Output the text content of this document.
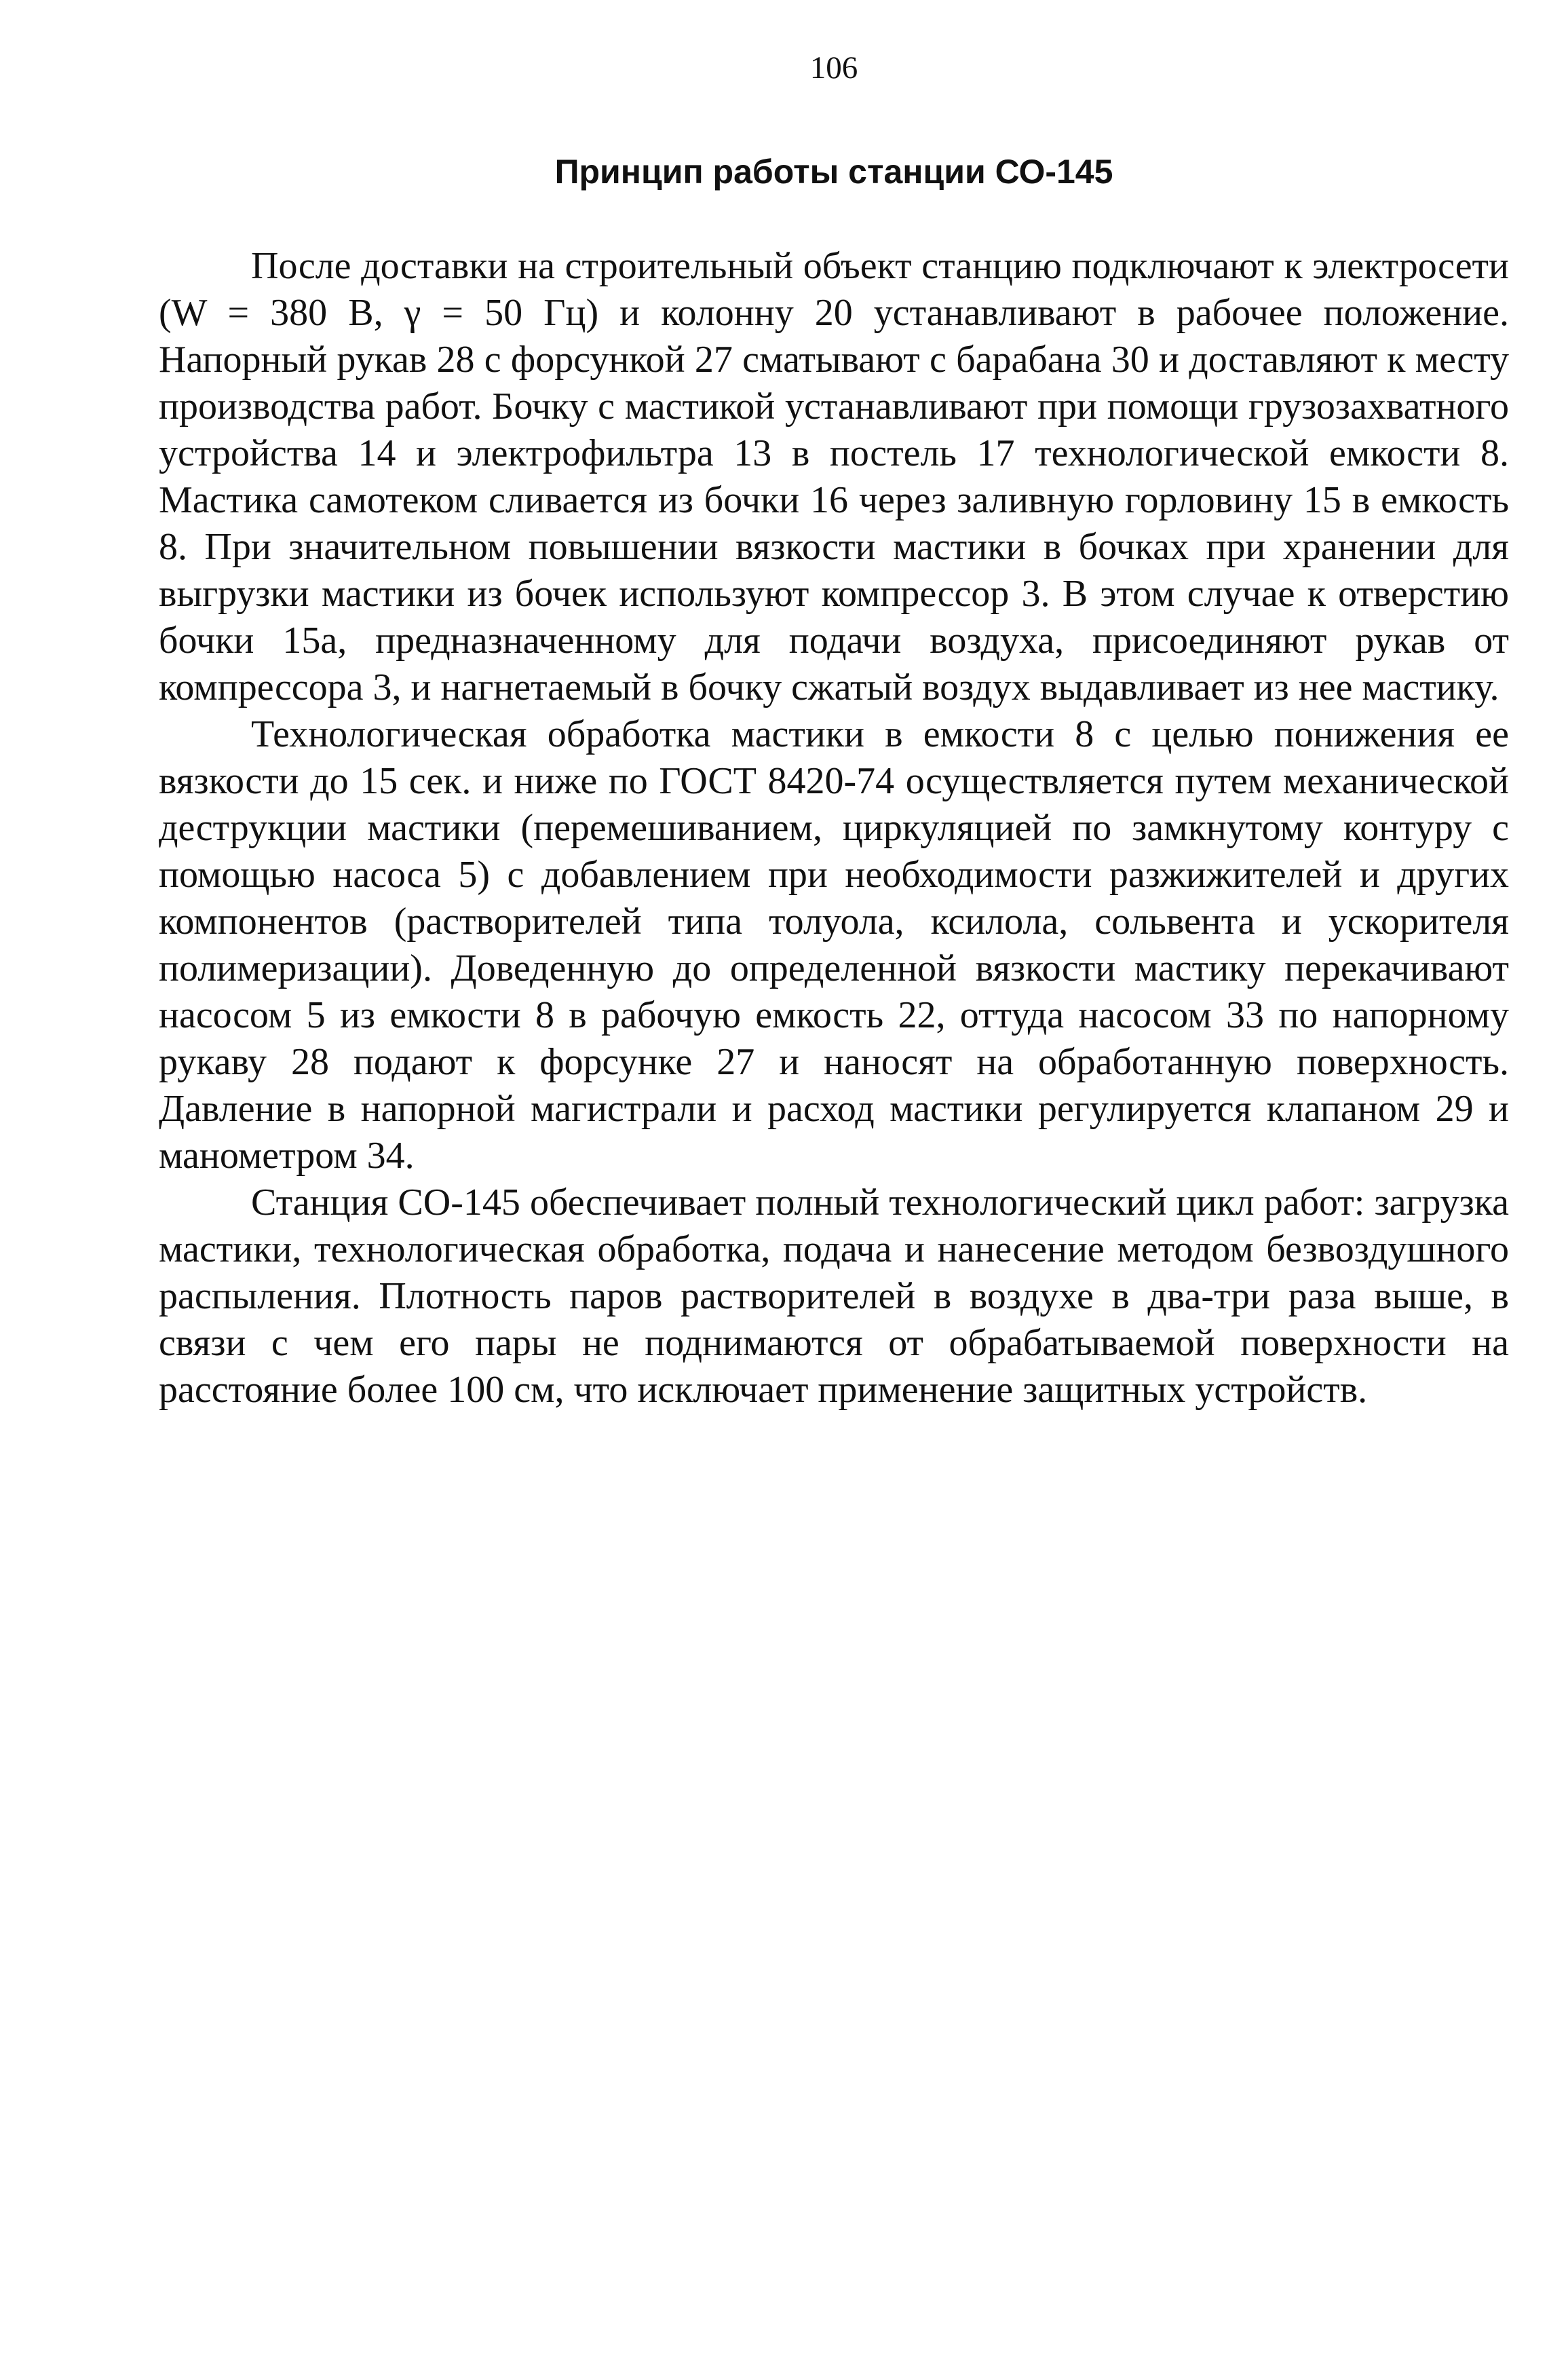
106
Принцип работы станции СО-145

После доставки на строительный объект станцию подключают к электросети (W = 380 В, γ = 50 Гц) и колонну 20 устанавливают в рабочее положение. Напорный рукав 28 с форсункой 27 сматывают с барабана 30 и доставляют к месту производства работ. Бочку с мастикой устанавливают при помощи грузозахватного устройства 14 и электрофильтра 13 в постель 17 технологической емкости 8. Мастика самотеком сливается из бочки 16 через заливную горловину 15 в емкость 8. При значительном повышении вязкости мастики в бочках при хранении для выгрузки мастики из бочек используют компрессор 3. В этом случае к отверстию бочки 15а, предназначенному для подачи воздуха, присоединяют рукав от компрессора 3, и нагнетаемый в бочку сжатый воздух выдавливает из нее мастику.

Технологическая обработка мастики в емкости 8 с целью понижения ее вязкости до 15 сек. и ниже по ГОСТ 8420-74 осуществляется путем механической деструкции мастики (перемешиванием, циркуляцией по замкнутому контуру с помощью насоса 5) с добавлением при необходимости разжижителей и других компонентов (растворителей типа толуола, ксилола, сольвента и ускорителя полимеризации). Доведенную до определенной вязкости мастику перекачивают насосом 5 из емкости 8 в рабочую емкость 22, оттуда насосом 33 по напорному рукаву 28 подают к форсунке 27 и наносят на обработанную поверхность. Давление в напорной магистрали и расход мастики регулируется клапаном 29 и манометром 34.

Станция СО-145 обеспечивает полный технологический цикл работ: загрузка мастики, технологическая обработка, подача и нанесение методом безвоздушного распыления. Плотность паров растворителей в воздухе в два-три раза выше, в связи с чем его пары не поднимаются от обрабатываемой поверхности на расстояние более 100 см, что исключает применение защитных устройств.
